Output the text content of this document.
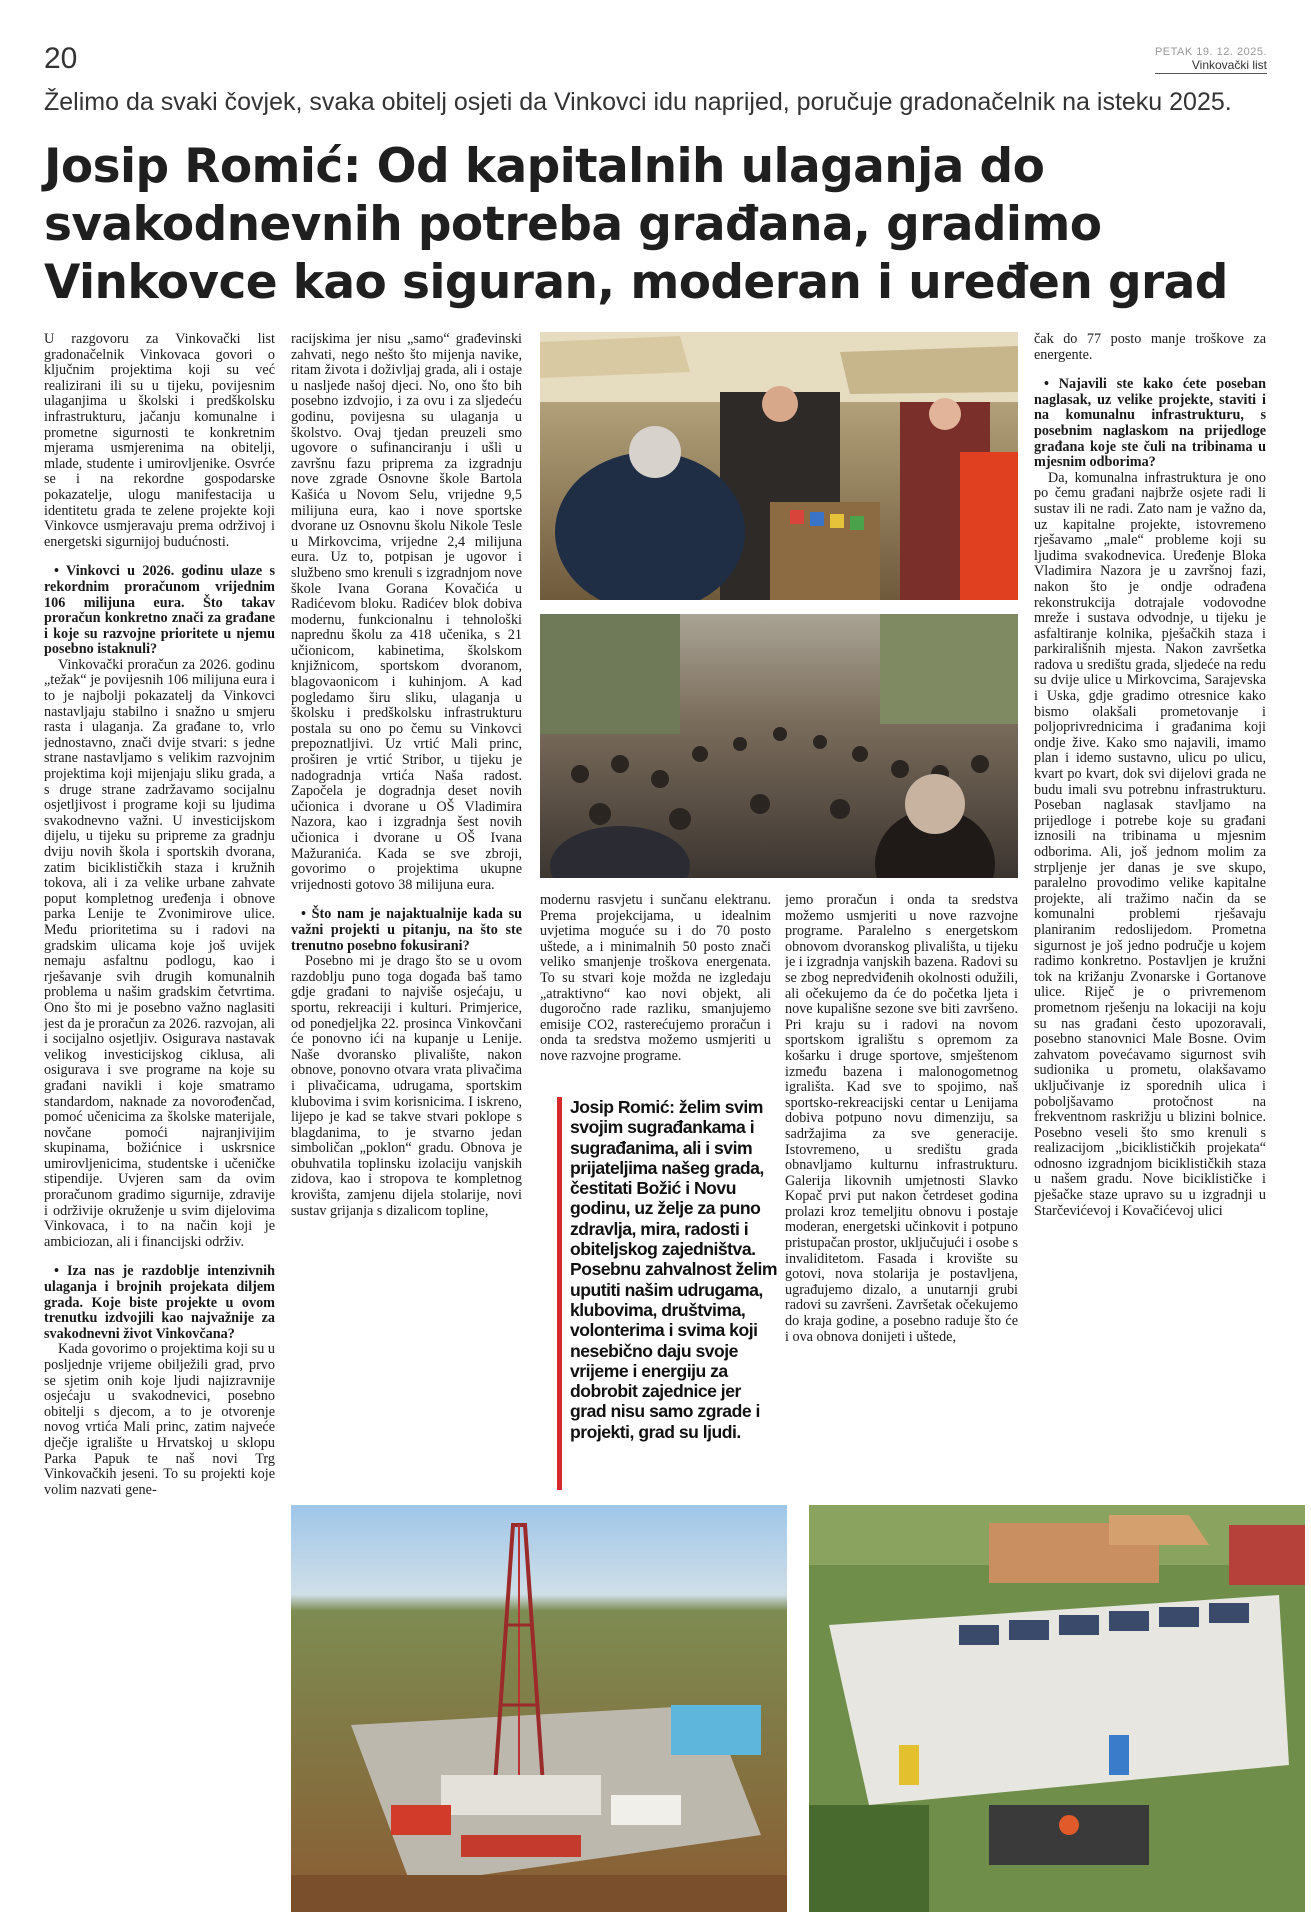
20	PETAK 19. 12. 2025.
Vinkovački list
Želimo da svaki čovjek, svaka obitelj osjeti da Vinkovci idu naprijed, poručuje gradonačelnik na isteku 2025.
Josip Romić: Od kapitalnih ulaganja do svakodnevnih potreba građana, gradimo Vinkovce kao siguran, moderan i uređen grad

U razgovoru za Vinkovački list gradonačelnik Vinkovaca govori o ključnim projektima koji su već realizirani ili su u tijeku, povijesnim ulaganjima u školski i predškolsku infrastrukturu, jačanju komunalne i prometne sigurnosti te konkretnim mjerama usmjerenima na obitelji, mlade, studente i umirovljenike. Osvrće se i na rekordne gospodarske pokazatelje, ulogu manifestacija u identitetu grada te zelene projekte koji Vinkovce usmjeravaju prema održivoj i energetski sigurnijoj budućnosti.

• Vinkovci u 2026. godinu ulaze s rekordnim proračunom vrijednim 106 milijuna eura. Što takav proračun konkretno znači za građane i koje su razvojne prioritete u njemu posebno istaknuli?

Vinkovački proračun za 2026. godinu „težak“ je povijesnih 106 milijuna eura i to je najbolji pokazatelj da Vinkovci nastavljaju stabilno i snažno u smjeru rasta i ulaganja. Za građane to, vrlo jednostavno, znači dvije stvari: s jedne strane nastavljamo s velikim razvojnim projektima koji mijenjaju sliku grada, a s druge strane zadržavamo socijalnu osjetljivost i programe koji su ljudima svakodnevno važni. U investicijskom dijelu, u tijeku su pripreme za gradnju dviju novih škola i sportskih dvorana, zatim biciklističkih staza i kružnih tokova, ali i za velike urbane zahvate poput kompletnog uređenja i obnove parka Lenije te Zvonimirove ulice. Među prioritetima su i radovi na gradskim ulicama koje još uvijek nemaju asfaltnu podlogu, kao i rješavanje svih drugih komunalnih problema u našim gradskim četvrtima. Ono što mi je posebno važno naglasiti jest da je proračun za 2026. razvojan, ali i socijalno osjetljiv. Osigurava nastavak velikog investicijskog ciklusa, ali osigurava i sve programe na koje su građani navikli i koje smatramo standardom, naknade za novorođenčad, pomoć učenicima za školske materijale, novčane pomoći najranjivijim skupinama, božićnice i uskrsnice umirovljenicima, studentske i učeničke stipendije. Uvjeren sam da ovim proračunom gradimo sigurnije, zdravije i održivije okruženje u svim dijelovima Vinkovaca, i to na način koji je ambiciozan, ali i financijski održiv.

• Iza nas je razdoblje intenzivnih ulaganja i brojnih projekata diljem grada. Koje biste projekte u ovom trenutku izdvojili kao najvažnije za svakodnevni život Vinkovčana?

Kada govorimo o projektima koji su u posljednje vrijeme obilježili grad, prvo se sjetim onih koje ljudi najizravnije osjećaju u svakodnevici, posebno obitelji s djecom, a to je otvorenje novog vrtića Mali princ, zatim najveće dječje igralište u Hrvatskoj u sklopu Parka Papuk te naš novi Trg Vinkovačkih jeseni. To su projekti koje volim nazvati gene-

racijskima jer nisu „samo“ građevinski zahvati, nego nešto što mijenja navike, ritam života i doživljaj grada, ali i ostaje u nasljeđe našoj djeci. No, ono što bih posebno izdvojio, i za ovu i za sljedeću godinu, povijesna su ulaganja u školstvo. Ovaj tjedan preuzeli smo ugovore o sufinanciranju i ušli u završnu fazu priprema za izgradnju nove zgrade Osnovne škole Bartola Kašića u Novom Selu, vrijedne 9,5 milijuna eura, kao i nove sportske dvorane uz Osnovnu školu Nikole Tesle u Mirkovcima, vrijedne 2,4 milijuna eura. Uz to, potpisan je ugovor i službeno smo krenuli s izgradnjom nove škole Ivana Gorana Kovačića u Radićevom bloku. Radićev blok dobiva modernu, funkcionalnu i tehnološki naprednu školu za 418 učenika, s 21 učionicom, kabinetima, školskom knjižnicom, sportskom dvoranom, blagovaonicom i kuhinjom. A kad pogledamo širu sliku, ulaganja u školsku i predškolsku infrastrukturu postala su ono po čemu su Vinkovci prepoznatljivi. Uz vrtić Mali princ, proširen je vrtić Stribor, u tijeku je nadogradnja vrtića Naša radost. Započela je dogradnja deset novih učionica i dvorane u OŠ Vladimira Nazora, kao i izgradnja šest novih učionica i dvorane u OŠ Ivana Mažuranića. Kada se sve zbroji, govorimo o projektima ukupne vrijednosti gotovo 38 milijuna eura.

• Što nam je najaktualnije kada su važni projekti u pitanju, na što ste trenutno posebno fokusirani?

Posebno mi je drago što se u ovom razdoblju puno toga događa baš tamo gdje građani to najviše osjećaju, u sportu, rekreaciji i kulturi. Primjerice, od ponedjeljka 22. prosinca Vinkovčani će ponovno ići na kupanje u Lenije. Naše dvoransko plivalište, nakon obnove, ponovno otvara vrata plivačima i plivačicama, udrugama, sportskim klubovima i svim korisnicima. I iskreno, lijepo je kad se takve stvari poklope s blagdanima, to je stvarno jedan simboličan „poklon“ gradu. Obnova je obuhvatila toplinsku izolaciju vanjskih zidova, kao i stropova te kompletnog krovišta, zamjenu dijela stolarije, novi sustav grijanja s dizalicom topline,

modernu rasvjetu i sunčanu elektranu. Prema projekcijama, u idealnim uvjetima moguće su i do 70 posto uštede, a i minimalnih 50 posto znači veliko smanjenje troškova energenata. To su stvari koje možda ne izgledaju „atraktivno“ kao novi objekt, ali dugoročno rade razliku, smanjujemo emisije CO2, rasterećujemo proračun i onda ta sredstva možemo usmjeriti u nove razvojne programe.

jemo proračun i onda ta sredstva možemo usmjeriti u nove razvojne programe. Paralelno s energetskom obnovom dvoranskog plivališta, u tijeku je i izgradnja vanjskih bazena. Radovi su se zbog nepredviđenih okolnosti odužili, ali očekujemo da će do početka ljeta i nove kupališne sezone sve biti završeno. Pri kraju su i radovi na novom sportskom igralištu s opremom za košarku i druge sportove, smještenom između bazena i malonogometnog igrališta. Kad sve to spojimo, naš sportsko-rekreacijski centar u Lenijama dobiva potpuno novu dimenziju, sa sadržajima za sve generacije. Istovremeno, u središtu grada obnavljamo kulturnu infrastrukturu. Galerija likovnih umjetnosti Slavko Kopač prvi put nakon četrdeset godina prolazi kroz temeljitu obnovu i postaje moderan, energetski učinkovit i potpuno pristupačan prostor, uključujući i osobe s invaliditetom. Fasada i krovište su gotovi, nova stolarija je postavljena, ugrađujemo dizalo, a unutarnji grubi radovi su završeni. Završetak očekujemo do kraja godine, a posebno raduje što će i ova obnova donijeti i uštede,

Josip Romić: želim svim svojim sugrađankama i sugrađanima, ali i svim prijateljima našeg grada, čestitati Božić i Novu godinu, uz želje za puno zdravlja, mira, radosti i obiteljskog zajedništva. Posebnu zahvalnost želim uputiti našim udrugama, klubovima, društvima, volonterima i svima koji nesebično daju svoje vrijeme i energiju za dobrobit zajednice jer grad nisu samo zgrade i projekti, grad su ljudi.

čak do 77 posto manje troškove za energente.

• Najavili ste kako ćete poseban naglasak, uz velike projekte, staviti i na komunalnu infrastrukturu, s posebnim naglaskom na prijedloge građana koje ste čuli na tribinama u mjesnim odborima?

Da, komunalna infrastruktura je ono po čemu građani najbrže osjete radi li sustav ili ne radi. Zato nam je važno da, uz kapitalne projekte, istovremeno rješavamo „male“ probleme koji su ljudima svakodnevica. Uređenje Bloka Vladimira Nazora je u završnoj fazi, nakon što je ondje odrađena rekonstrukcija dotrajale vodovodne mreže i sustava odvodnje, u tijeku je asfaltiranje kolnika, pješačkih staza i parkirališnih mjesta. Nakon završetka radova u središtu grada, sljedeće na redu su dvije ulice u Mirkovcima, Sarajevska i Uska, gdje gradimo otresnice kako bismo olakšali prometovanje i poljoprivrednicima i građanima koji ondje žive. Kako smo najavili, imamo plan i idemo sustavno, ulicu po ulicu, kvart po kvart, dok svi dijelovi grada ne budu imali svu potrebnu infrastrukturu. Poseban naglasak stavljamo na prijedloge i potrebe koje su građani iznosili na tribinama u mjesnim odborima. Ali, još jednom molim za strpljenje jer danas je sve skupo, paralelno provodimo velike kapitalne projekte, ali tražimo način da se komunalni problemi rješavaju planiranim redoslijedom. Prometna sigurnost je još jedno područje u kojem radimo konkretno. Postavljen je kružni tok na križanju Zvonarske i Gortanove ulice. Riječ je o privremenom prometnom rješenju na lokaciji na koju su nas građani često upozoravali, posebno stanovnici Male Bosne. Ovim zahvatom povećavamo sigurnost svih sudionika u prometu, olakšavamo uključivanje iz sporednih ulica i poboljšavamo protočnost na frekventnom raskrižju u blizini bolnice. Posebno veseli što smo krenuli s realizacijom „biciklističkih projekata“ odnosno izgradnjom biciklističkih staza u našem gradu. Nove biciklističke i pješačke staze upravo su u izgradnji u Starčevićevoj i Kovačićevoj ulici
